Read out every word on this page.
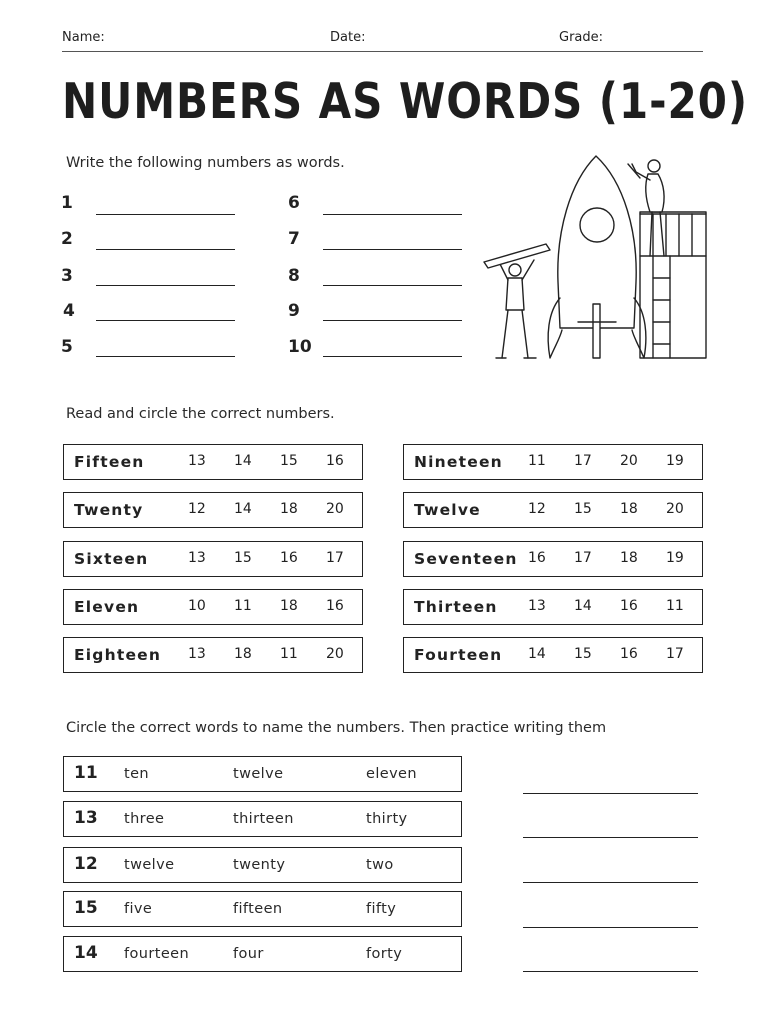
Name:	Date:	Grade:
NUMBERS AS WORDS (1-20)
Write the following numbers as words.
1
2
3
4
5
6
7
8
9
10
Read and circle the correct numbers.
Fifteen	13 14 15 16
Twenty	12 14 18 20
Sixteen	13 15 16 17
Eleven	10 11 18 16
Eighteen 13 18 11 20
Nineteen 11 17 20 19
Twelve	12 15 18 20
Seventeen 16 17 18 19
Thirteen 13 14 16 11
Fourteen 14 15 16 17
Circle the correct words to name the numbers. Then practice writing them
11 ten	twelve	eleven
13 three	thirteen	thirty
12 twelve	twenty	two
15 five	fifteen	fifty
14 fourteen	four	forty
